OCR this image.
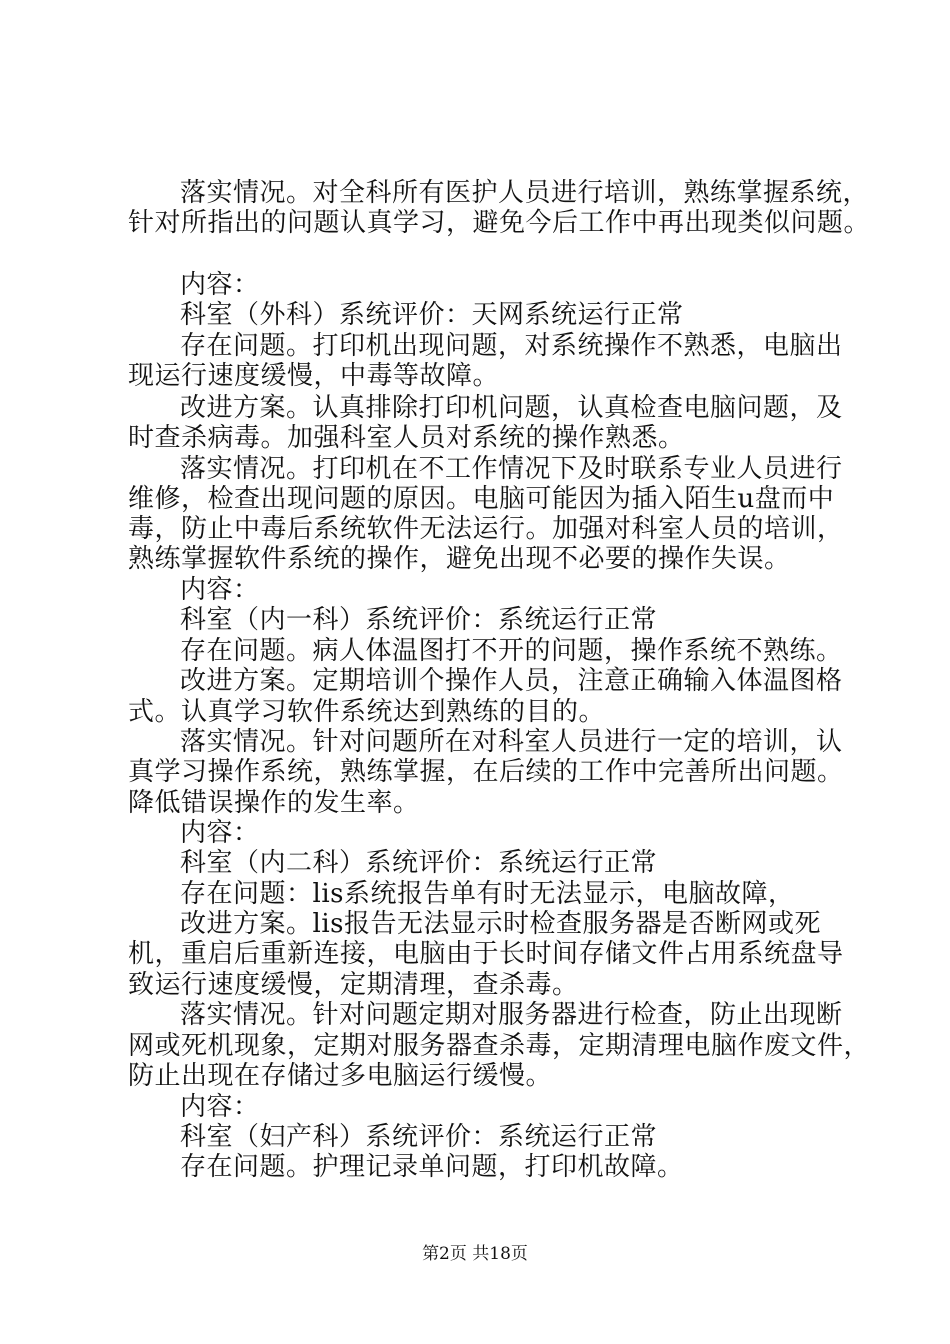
落实情况。对全科所有医护人员进行培训，熟练掌握系统，
针对所指出的问题认真学习，避免今后工作中再出现类似问题。
内容：
科室（外科）系统评价：天网系统运行正常
存在问题。打印机出现问题，对系统操作不熟悉，电脑出
现运行速度缓慢，中毒等故障。
改进方案。认真排除打印机问题，认真检查电脑问题，及
时查杀病毒。加强科室人员对系统的操作熟悉。
落实情况。打印机在不工作情况下及时联系专业人员进行
维修，检查出现问题的原因。电脑可能因为插入陌生u盘而中
毒，防止中毒后系统软件无法运行。加强对科室人员的培训，
熟练掌握软件系统的操作，避免出现不必要的操作失误。
内容：
科室（内一科）系统评价：系统运行正常
存在问题。病人体温图打不开的问题，操作系统不熟练。
改进方案。定期培训个操作人员，注意正确输入体温图格
式。认真学习软件系统达到熟练的目的。
落实情况。针对问题所在对科室人员进行一定的培训，认
真学习操作系统，熟练掌握，在后续的工作中完善所出问题。
降低错误操作的发生率。
内容：
科室（内二科）系统评价：系统运行正常
存在问题：lis系统报告单有时无法显示，电脑故障，
改进方案。lis报告无法显示时检查服务器是否断网或死
机，重启后重新连接，电脑由于长时间存储文件占用系统盘导
致运行速度缓慢，定期清理，查杀毒。
落实情况。针对问题定期对服务器进行检查，防止出现断
网或死机现象，定期对服务器查杀毒，定期清理电脑作废文件，
防止出现在存储过多电脑运行缓慢。
内容：
科室（妇产科）系统评价：系统运行正常
存在问题。护理记录单问题，打印机故障。
第2页 共18页
